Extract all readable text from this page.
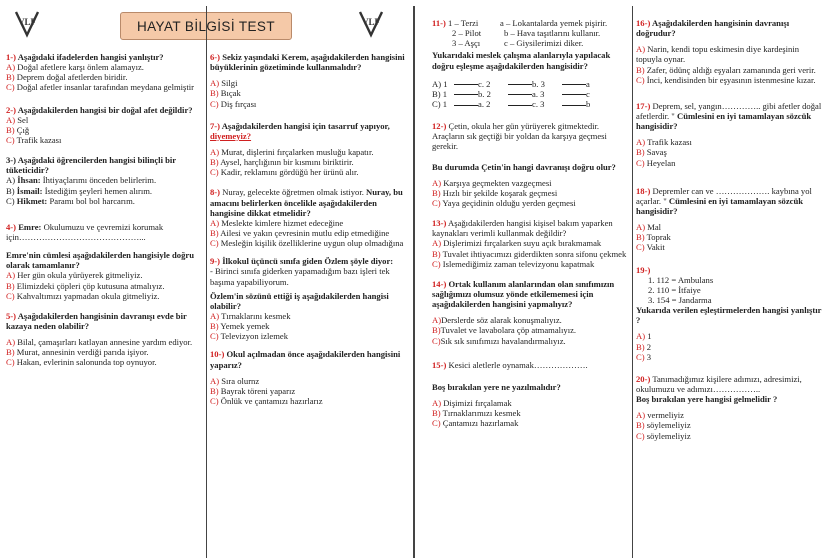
VLF	VLF
HAYAT BİLGİSİ TEST
1-) Aşağıdaki ifadelerden hangisi yanlıştır?
A) Doğal afetlere karşı önlem alamayız.
B) Deprem doğal afetlerden biridir.
C) Doğal afetler insanlar tarafından meydana gelmiştir
2-) Aşağıdakilerden hangisi bir doğal afet değildir?
A) Sel
B) Çığ
C) Trafik kazası
3-) Aşağıdaki öğrencilerden hangisi bilinçli bir tüketicidir?
A) İhsan: İhtiyaçlarımı önceden belirlerim.
B) İsmail: İstediğim şeyleri hemen alırım.
C) Hikmet: Paramı bol bol harcarım.
4-) Emre: Okulumuzu ve çevremizi korumak için……………………………………...
Emre'nin cümlesi aşağıdakilerden hangisiyle doğru olarak tamamlanır?
A) Her gün okula yürüyerek gitmeliyiz.
B) Elimizdeki çöpleri çöp kutusuna atmalıyız.
C) Kahvaltımızı yapmadan okula gitmeliyiz.
5-) Aşağıdakilerden hangisinin davranışı evde bir kazaya neden olabilir?
A) Bilal, çamaşırları katlayan annesine yardım ediyor.
B) Murat, annesinin verdiği parıda işiyor.
C) Hakan, evlerinin salonunda top oynuyor.
6-) Sekiz yaşındaki Kerem, aşağıdakilerden hangisini büyüklerinin gözetiminde kullanmalıdır?
A) Silgi
B) Bıçak
C) Diş fırçası
7-) Aşağıdakilerden hangisi için tasarruf yapıyor, diyemeyiz?
A) Murat, dişlerini fırçalarken musluğu kapatır.
B) Aysel, harçlığının bir kısmını biriktirir.
C) Kadir, reklamını gördüğü her ürünü alır.
8-) Nuray, gelecekte öğretmen olmak istiyor. Nuray, bu amacını belirlerken öncelikle aşağıdakilerden hangisine dikkat etmelidir?
A) Meslekte kimlere hizmet edeceğine
B) Ailesi ve yakın çevresinin mutlu edip etmediğine
C) Mesleğin kişilik özelliklerine uygun olup olmadığına
9-) İlkokul üçüncü sınıfa giden Özlem şöyle diyor:
- Birinci sınıfa giderken yapamadığım bazı işleri tek başıma yapabiliyorum.
Özlem'in sözünü ettiği iş aşağıdakilerden hangisi olabilir?
A) Tırnaklarını kesmek
B) Yemek yemek
C) Televizyon izlemek
10-) Okul açılmadan önce aşağıdakilerden hangisini yaparız?
A) Sıra olurnz
B) Bayrak töreni yaparız
C) Önlük ve çantamızı hazırlarız
11-) 1 – Terzi	a – Lokantalarda yemek pişirir.
2 – Pilot	b – Hava taşıtlarını kullanır.
3 – Aşçı	c – Giysilerimizi diker.
Yukarıdaki meslek çalışma alanlarıyla yapılacak doğru eşleşme aşağıdakilerden hangisidir?
A) 1	c. 2	b. 3	a
B) 1	b. 2	a. 3	c
C) 1	a. 2	c. 3	b
12-) Çetin, okula her gün yürüyerek gitmektedir. Araçların sık geçtiği bir yoldan da karşıya geçmesi gerekir.
Bu durumda Çetin'in hangi davranışı doğru olur?
A) Karşıya geçmekten vazgeçmesi
B) Hızlı bir şekilde koşarak geçmesi
C) Yaya geçidinin olduğu yerden geçmesi
13-) Aşağıdakilerden hangisi kişisel bakım yaparken kaynakları verimli kullanmak değildir?
A) Dişlerimizi fırçalarken suyu açık bırakmamak
B) Tuvalet ihtiyacımızı giderdikten sonra sifonu çekmek
C) Islemediğimiz zaman televizyonu kapatmak
14-) Ortak kullanım alanlarından olan sınıfımızın sağlığımızı olumsuz yönde etkilememesi için aşağıdakilerden hangisini yapmalıyız?
A)Derslerde söz alarak konuşmalıyız.
B)Tuvalet ve lavabolara çöp atmamalıyız.
C)Sık sık sınıfımızı havalandırmalıyız.
15-) Kesici aletlerle oynamak……………….
Boş bırakılan yere ne yazılmalıdır?
A) Dişimizi fırçalamak
B) Tırnaklarımızı kesmek
C) Çantamızı hazırlamak
16-) Aşağıdakilerden hangisinin davranışı doğrudur?
A) Narin, kendi topu eskimesin diye kardeşinin topuyla oynar.
B) Zafer, ödünç aldığı eşyaları zamanında geri verir.
C) İnci, kendisinden bir eşyasının istenmesine kızar.
17-) Deprem, sel, yangın………….. gibi afetler doğal afetlerdir. " Cümlesini en iyi tamamlayan sözcük hangisidir?
A) Trafik kazası
B) Savaş
C) Heyelan
18-) Depremler can ve ………………. kaybına yol açarlar. " Cümlesini en iyi tamamlayan sözcük hangisidir?
A) Mal
B) Toprak
C) Vakit
19-)
1. 112 = Ambulans
2. 110 = İtfaiye
3. 154 = Jandarma
Yukarıda verilen eşleştirmelerden hangisi yanlıştır ?
A) 1
B) 2
C) 3
20-) Tanımadığımız kişilere adımızı, adresimizi, okulumuzu ve adımızı……………..
Boş bırakılan yere hangisi gelmelidir ?
A) vermeliyiz
B) söylemeliyiz
C) söylemeliyiz
